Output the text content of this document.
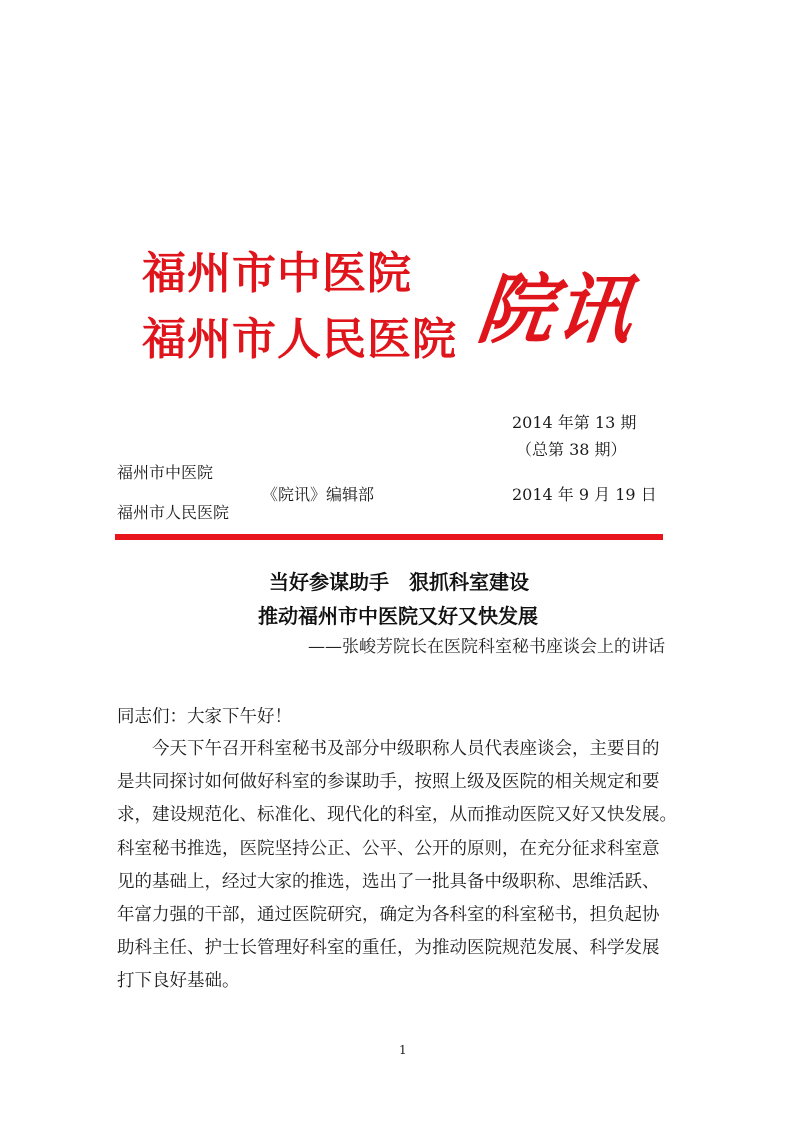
福州市中医院
福州市人民医院 院讯
2014 年第 13 期
（总第 38 期）
福州市中医院
《院讯》编辑部	2014 年 9 月 19 日
福州市人民医院
当好参谋助手　狠抓科室建设
推动福州市中医院又好又快发展
——张峻芳院长在医院科室秘书座谈会上的讲话
同志们：大家下午好！
今天下午召开科室秘书及部分中级职称人员代表座谈会，主要目的
是共同探讨如何做好科室的参谋助手，按照上级及医院的相关规定和要
求，建设规范化、标准化、现代化的科室，从而推动医院又好又快发展。
科室秘书推选，医院坚持公正、公平、公开的原则，在充分征求科室意
见的基础上，经过大家的推选，选出了一批具备中级职称、思维活跃、
年富力强的干部，通过医院研究，确定为各科室的科室秘书，担负起协
助科主任、护士长管理好科室的重任，为推动医院规范发展、科学发展
打下良好基础。
1
